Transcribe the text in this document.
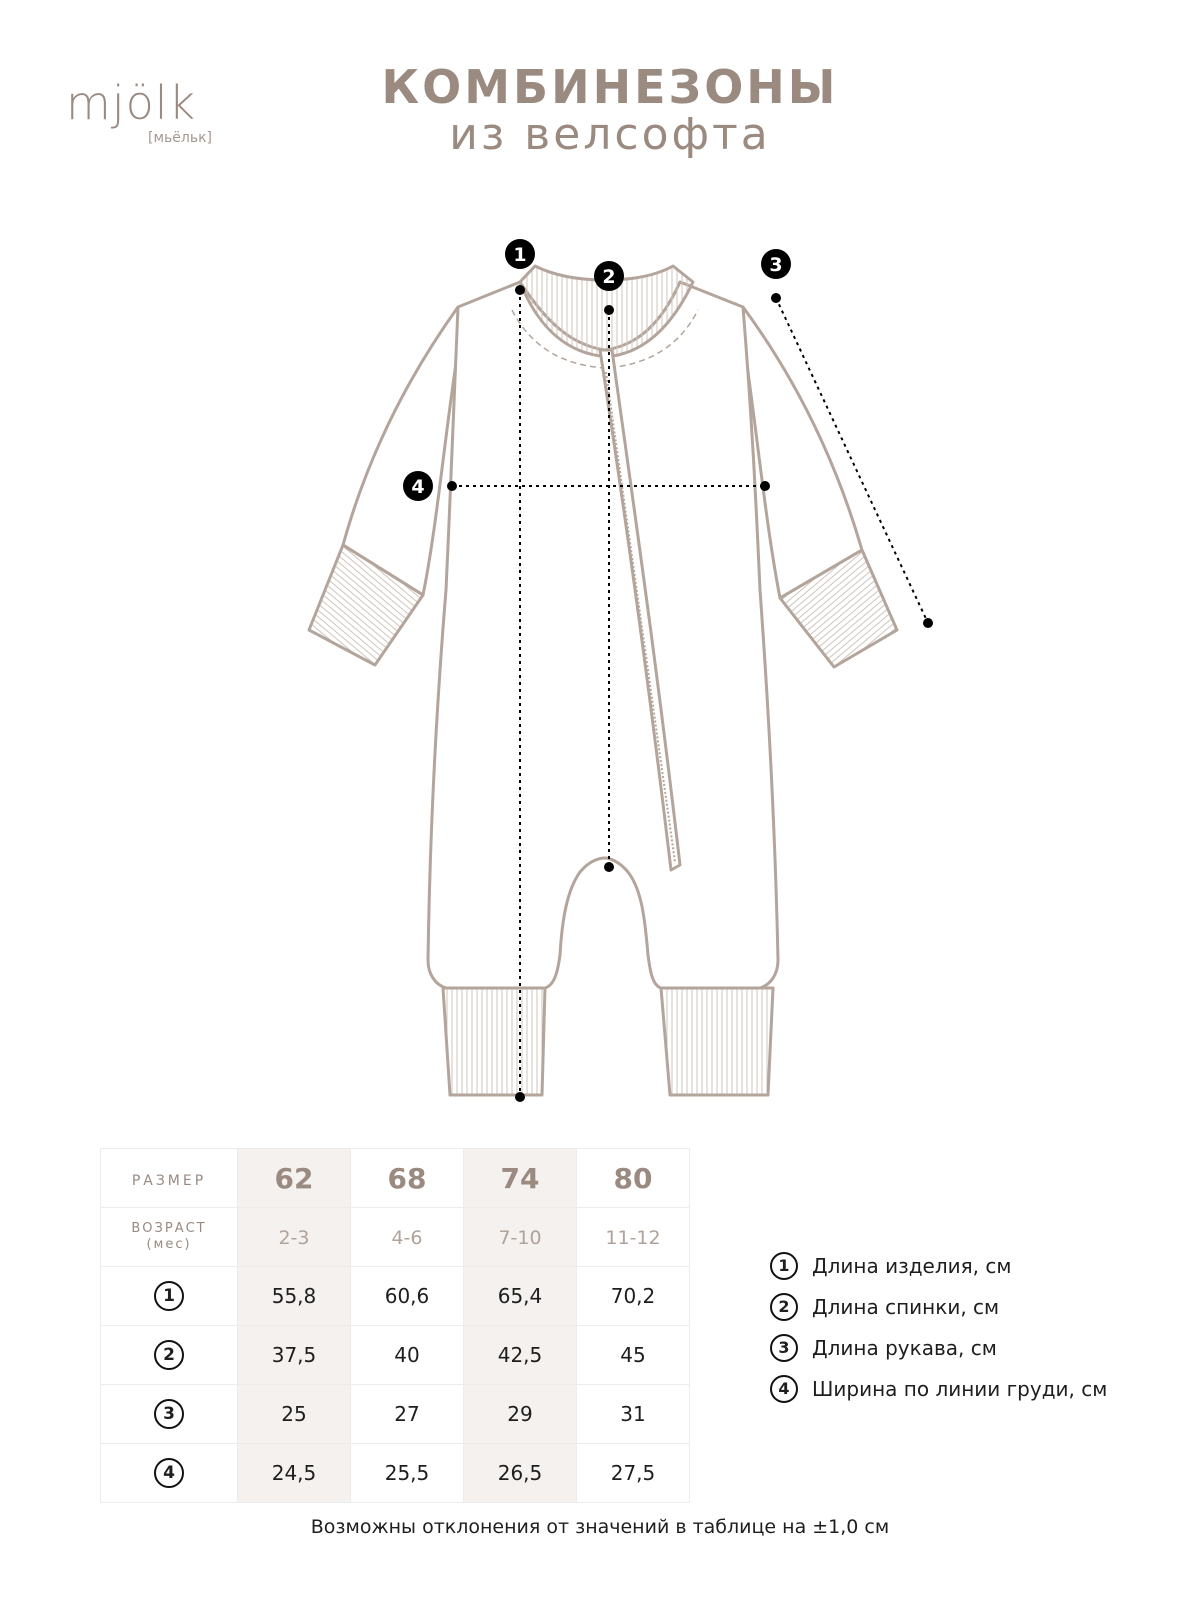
mjölk
[мьёльк]
КОМБИНЕЗОНЫ
из велсофта
1
2
3
4
РАЗМЕР	62	68	74	80

ВОЗРАСТ
(мес)	2-3	4-6	7-10	11-12
1	55,8	60,6	65,4	70,2
2	37,5	40	42,5	45
3	25	27	29	31
4	24,5	25,5	26,5	27,5
1	Длина изделия, см
2	Длина спинки, см
3	Длина рукава, см
4	Ширина по линии груди, см
Возможны отклонения от значений в таблице на ±1,0 см
